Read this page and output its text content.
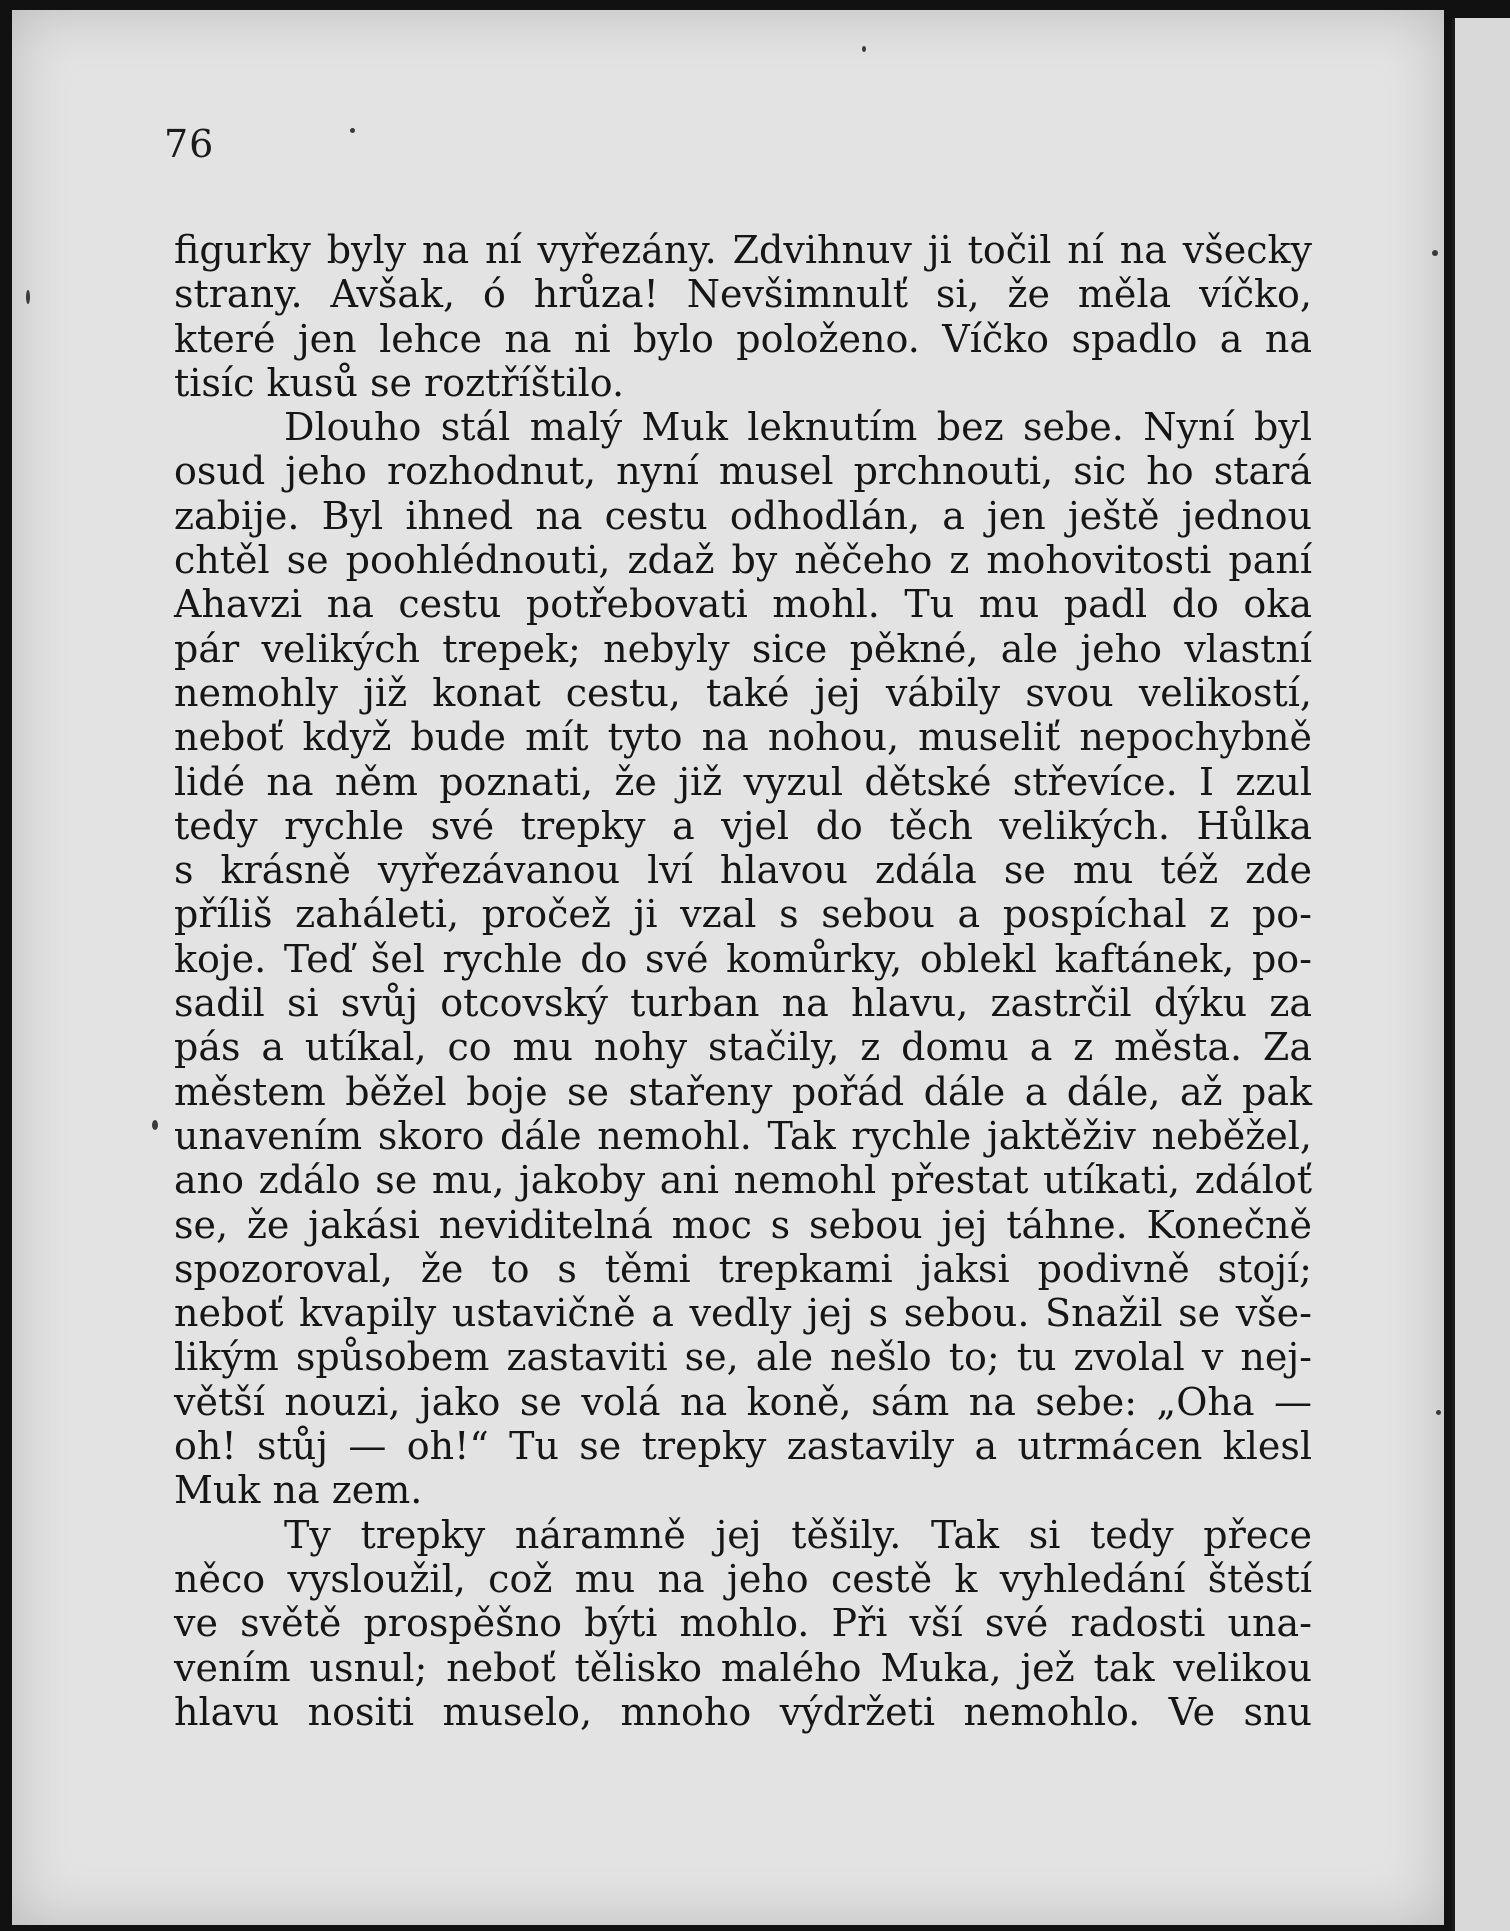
76
figurky byly na ní vyřezány. Zdvihnuv ji točil ní na všecky
strany. Avšak, ó hrůza! Nevšimnulť si, že měla víčko,
které jen lehce na ni bylo položeno. Víčko spadlo a na
tisíc kusů se roztříštilo.
Dlouho stál malý Muk leknutím bez sebe. Nyní byl
osud jeho rozhodnut, nyní musel prchnouti, sic ho stará
zabije. Byl ihned na cestu odhodlán, a jen ještě jednou
chtěl se poohlédnouti, zdaž by něčeho z mohovitosti paní
Ahavzi na cestu potřebovati mohl. Tu mu padl do oka
pár velikých trepek; nebyly sice pěkné, ale jeho vlastní
nemohly již konat cestu, také jej vábily svou velikostí,
neboť když bude mít tyto na nohou, museliť nepochybně
lidé na něm poznati, že již vyzul dětské střevíce. I zzul
tedy rychle své trepky a vjel do těch velikých. Hůlka
s krásně vyřezávanou lví hlavou zdála se mu též zde
příliš zaháleti, pročež ji vzal s sebou a pospíchal z po-
koje. Teď šel rychle do své komůrky, oblekl kaftánek, po-
sadil si svůj otcovský turban na hlavu, zastrčil dýku za
pás a utíkal, co mu nohy stačily, z domu a z města. Za
městem běžel boje se stařeny pořád dále a dále, až pak
unavením skoro dále nemohl. Tak rychle jaktěživ neběžel,
ano zdálo se mu, jakoby ani nemohl přestat utíkati, zdáloť
se, že jakási neviditelná moc s sebou jej táhne. Konečně
spozoroval, že to s těmi trepkami jaksi podivně stojí;
neboť kvapily ustavičně a vedly jej s sebou. Snažil se vše-
likým spůsobem zastaviti se, ale nešlo to; tu zvolal v nej-
větší nouzi, jako se volá na koně, sám na sebe: „Oha —
oh! stůj — oh!“ Tu se trepky zastavily a utrmácen klesl
Muk na zem.
Ty trepky náramně jej těšily. Tak si tedy přece
něco vysloužil, což mu na jeho cestě k vyhledání štěstí
ve světě prospěšno býti mohlo. Při vší své radosti una-
vením usnul; neboť tělisko malého Muka, jež tak velikou
hlavu nositi muselo, mnoho výdržeti nemohlo. Ve snu
